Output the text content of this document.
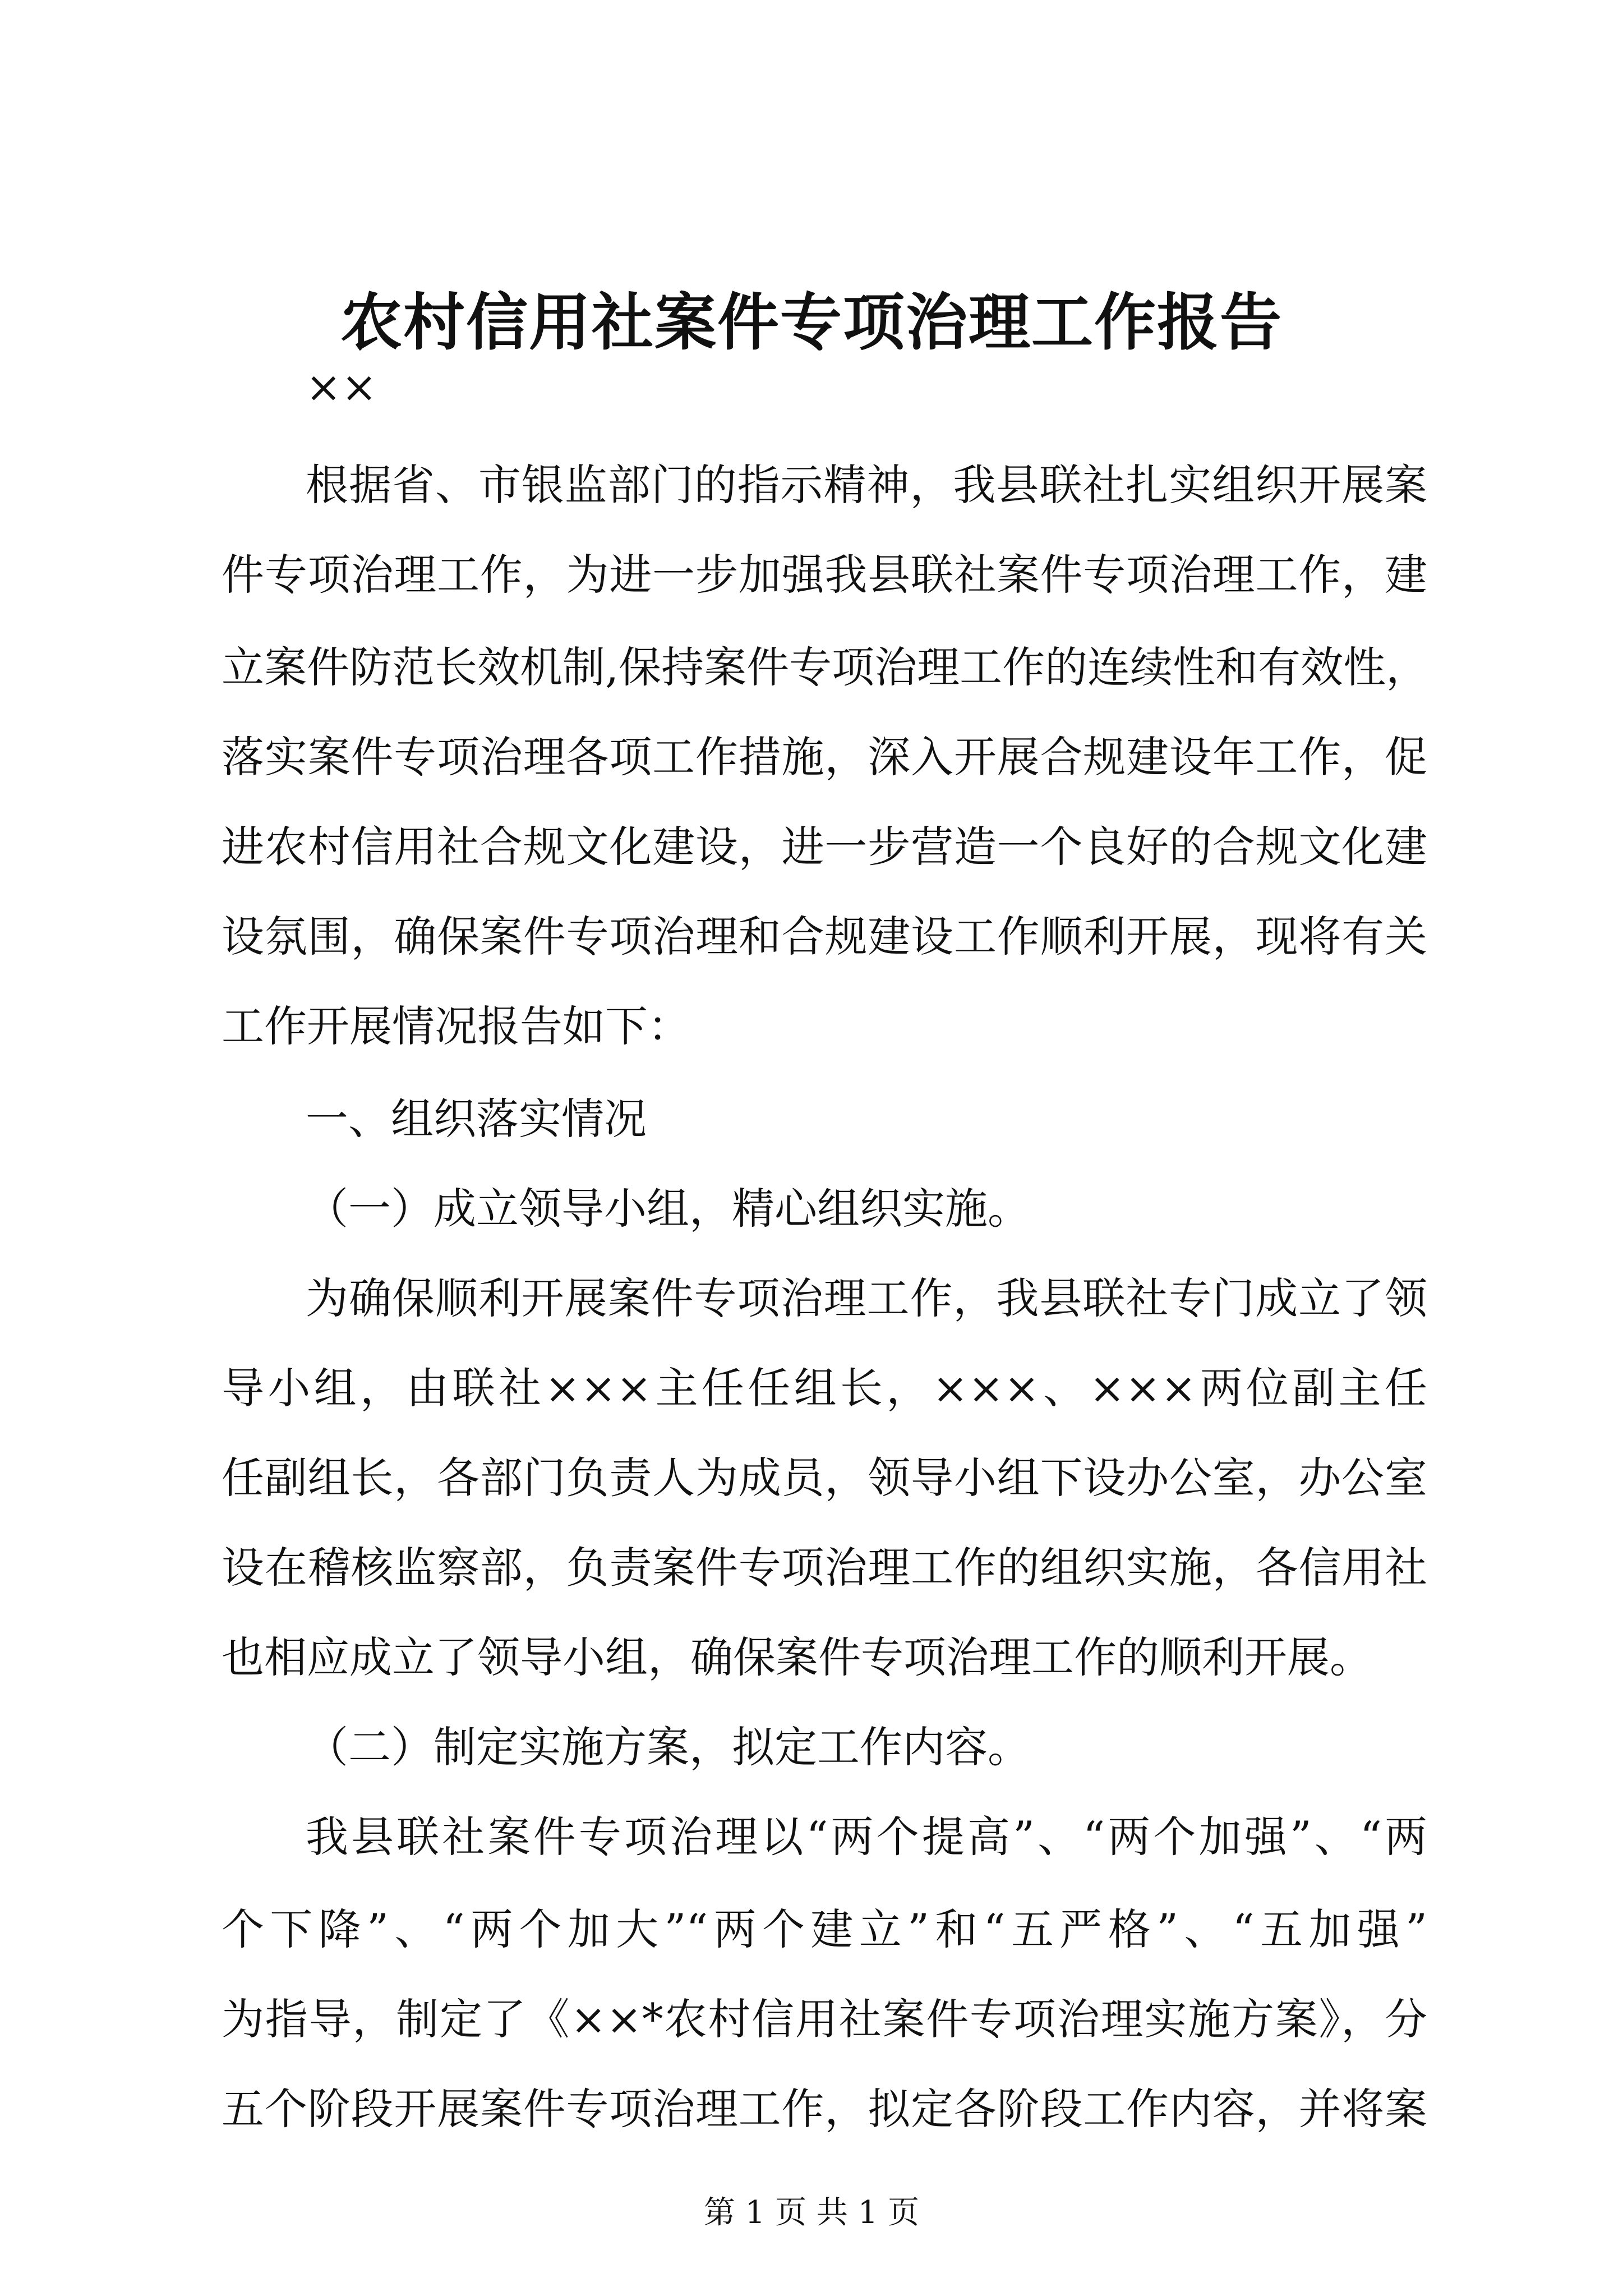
农村信用社案件专项治理工作报告
××
根据省、市银监部门的指示精神，我县联社扎实组织开展案
件专项治理工作，为进一步加强我县联社案件专项治理工作，建
立案件防范长效机制,保持案件专项治理工作的连续性和有效性，
落实案件专项治理各项工作措施，深入开展合规建设年工作，促
进农村信用社合规文化建设，进一步营造一个良好的合规文化建
设氛围，确保案件专项治理和合规建设工作顺利开展，现将有关
工作开展情况报告如下：
一、组织落实情况
（一）成立领导小组，精心组织实施。
为确保顺利开展案件专项治理工作，我县联社专门成立了领
导小组，由联社×××主任任组长，×××、×××两位副主任
任副组长，各部门负责人为成员，领导小组下设办公室，办公室
设在稽核监察部，负责案件专项治理工作的组织实施，各信用社
也相应成立了领导小组，确保案件专项治理工作的顺利开展。
（二）制定实施方案，拟定工作内容。
我县联社案件专项治理以“两个提高”、“两个加强”、“两
个下降”、“两个加大”“两个建立”和“五严格”、“五加强”
为指导，制定了《××*农村信用社案件专项治理实施方案》，分
五个阶段开展案件专项治理工作，拟定各阶段工作内容，并将案
第 1 页 共 1 页
